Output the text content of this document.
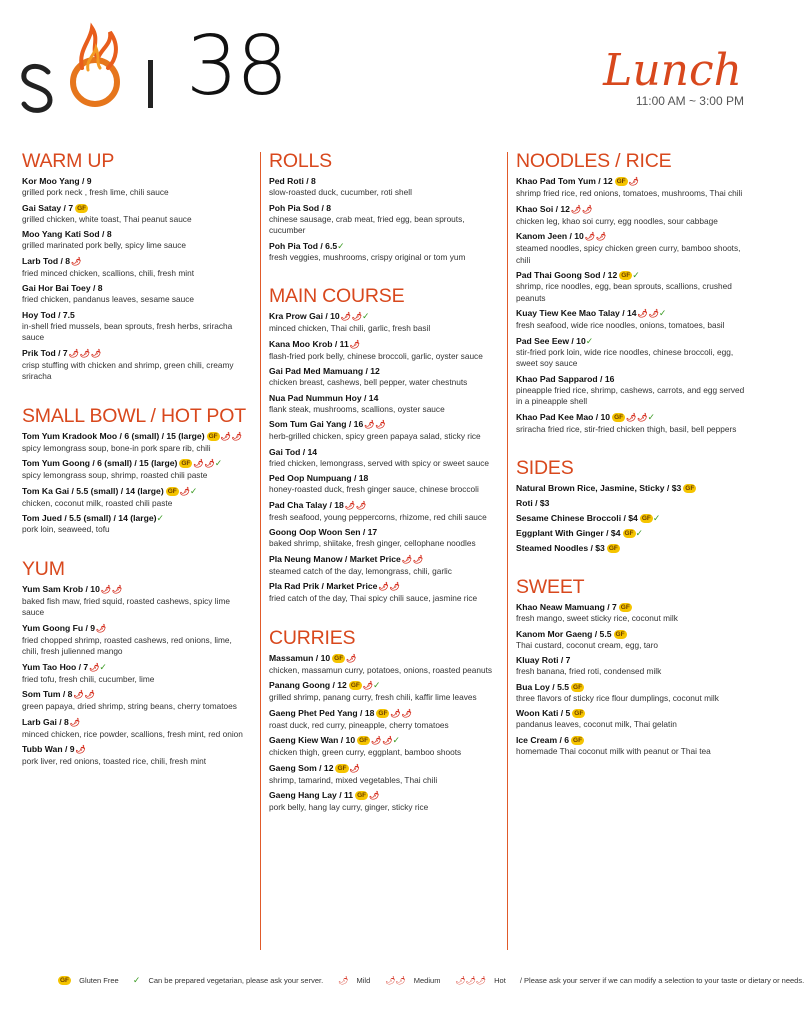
38	Lunch
11:00 AM ~ 3:00 PM
WARM UP
Kor Moo Yang / 9
grilled pork neck , fresh lime, chili sauce
Gai Satay / 7 GF
grilled chicken, white toast, Thai peanut sauce
Moo Yang Kati Sod / 8
grilled marinated pork belly, spicy lime sauce
Larb Tod / 8🌶
fried minced chicken, scallions, chili, fresh mint
Gai Hor Bai Toey / 8
fried chicken, pandanus leaves, sesame sauce
Hoy Tod / 7.5
in-shell fried mussels, bean sprouts, fresh herbs, sriracha sauce
Prik Tod / 7🌶🌶🌶
crisp stuffing with chicken and shrimp, green chili, creamy sriracha
SMALL BOWL / HOT POT
Tom Yum Kradook Moo / 6 (small) / 15 (large) GF 🌶🌶
spicy lemongrass soup, bone-in pork spare rib, chili
Tom Yum Goong / 6 (small) / 15 (large) GF 🌶🌶✓
spicy lemongrass soup, shrimp, roasted chili paste
Tom Ka Gai / 5.5 (small) / 14 (large) GF 🌶✓
chicken, coconut milk, roasted chili paste
Tom Jued / 5.5 (small) / 14 (large)✓
pork loin, seaweed, tofu
YUM
Yum Sam Krob / 10🌶🌶
baked fish maw, fried squid, roasted cashews, spicy lime sauce
Yum Goong Fu / 9🌶
fried chopped shrimp, roasted cashews, red onions, lime, chili, fresh julienned mango
Yum Tao Hoo / 7🌶✓
fried tofu, fresh chili, cucumber, lime
Som Tum / 8🌶🌶
green papaya, dried shrimp, string beans, cherry tomatoes
Larb Gai / 8🌶
minced chicken, rice powder, scallions, fresh mint, red onion
Tubb Wan / 9🌶
pork liver, red onions, toasted rice, chili, fresh mint
ROLLS
Ped Roti / 8
slow-roasted duck, cucumber, roti shell
Poh Pia Sod / 8
chinese sausage, crab meat, fried egg, bean sprouts, cucumber
Poh Pia Tod / 6.5✓
fresh veggies, mushrooms, crispy original or tom yum
MAIN COURSE
Kra Prow Gai / 10🌶🌶✓
minced chicken, Thai chili, garlic, fresh basil
Kana Moo Krob / 11🌶
flash-fried pork belly, chinese broccoli, garlic, oyster sauce
Gai Pad Med Mamuang / 12
chicken breast, cashews, bell pepper, water chestnuts
Nua Pad Nummun Hoy / 14
flank steak, mushrooms, scallions, oyster sauce
Som Tum Gai Yang / 16🌶🌶
herb-grilled chicken, spicy green papaya salad, sticky rice
Gai Tod / 14
fried chicken, lemongrass, served with spicy or sweet sauce
Ped Oop Numpuang / 18
honey-roasted duck, fresh ginger sauce, chinese broccoli
Pad Cha Talay / 18🌶🌶
fresh seafood, young peppercorns, rhizome, red chili sauce
Goong Oop Woon Sen / 17
baked shrimp, shiitake, fresh ginger, cellophane noodles
Pla Neung Manow / Market Price🌶🌶
steamed catch of the day, lemongrass, chili, garlic
Pla Rad Prik / Market Price🌶🌶
fried catch of the day, Thai spicy chili sauce, jasmine rice
CURRIES
Massamun / 10 GF 🌶
chicken, massamun curry, potatoes, onions, roasted peanuts
Panang Goong / 12 GF 🌶✓
grilled shrimp, panang curry, fresh chili, kaffir lime leaves
Gaeng Phet Ped Yang / 18 GF 🌶🌶
roast duck, red curry, pineapple, cherry tomatoes
Gaeng Kiew Wan / 10 GF 🌶🌶✓
chicken thigh, green curry, eggplant, bamboo shoots
Gaeng Som / 12 GF 🌶
shrimp, tamarind, mixed vegetables, Thai chili
Gaeng Hang Lay / 11 GF 🌶
pork belly, hang lay curry, ginger, sticky rice
NOODLES / RICE
Khao Pad Tom Yum / 12 GF 🌶
shrimp fried rice, red onions, tomatoes, mushrooms, Thai chili
Khao Soi / 12🌶🌶
chicken leg, khao soi curry, egg noodles, sour cabbage
Kanom Jeen / 10🌶🌶
steamed noodles, spicy chicken green curry, bamboo shoots, chili
Pad Thai Goong Sod / 12 GF ✓
shrimp, rice noodles, egg, bean sprouts, scallions, crushed peanuts
Kuay Tiew Kee Mao Talay / 14🌶🌶✓
fresh seafood, wide rice noodles, onions, tomatoes, basil
Pad See Eew / 10✓
stir-fried pork loin, wide rice noodles, chinese broccoli, egg, sweet soy sauce
Khao Pad Sapparod / 16
pineapple fried rice, shrimp, cashews, carrots, and egg served in a pineapple shell
Khao Pad Kee Mao / 10 GF 🌶🌶✓
sriracha fried rice, stir-fried chicken thigh, basil, bell peppers
SIDES
Natural Brown Rice, Jasmine, Sticky / $3 GF
Roti / $3
Sesame Chinese Broccoli / $4 GF ✓
Eggplant With Ginger / $4 GF ✓
Steamed Noodles / $3 GF
SWEET
Khao Neaw Mamuang / 7 GF
fresh mango, sweet sticky rice, coconut milk
Kanom Mor Gaeng / 5.5 GF
Thai custard, coconut cream, egg, taro
Kluay Roti / 7
fresh banana, fried roti, condensed milk
Bua Loy / 5.5 GF
three flavors of sticky rice flour dumplings, coconut milk
Woon Kati / 5 GF
pandanus leaves, coconut milk, Thai gelatin
Ice Cream / 6 GF
homemade Thai coconut milk with peanut or Thai tea
GF Gluten Free ✓ Can be prepared vegetarian, please ask your server. 🌶 Mild 🌶🌶 Medium 🌶🌶🌶 Hot / Please ask your server if we can modify a selection to your taste or dietary or needs.
